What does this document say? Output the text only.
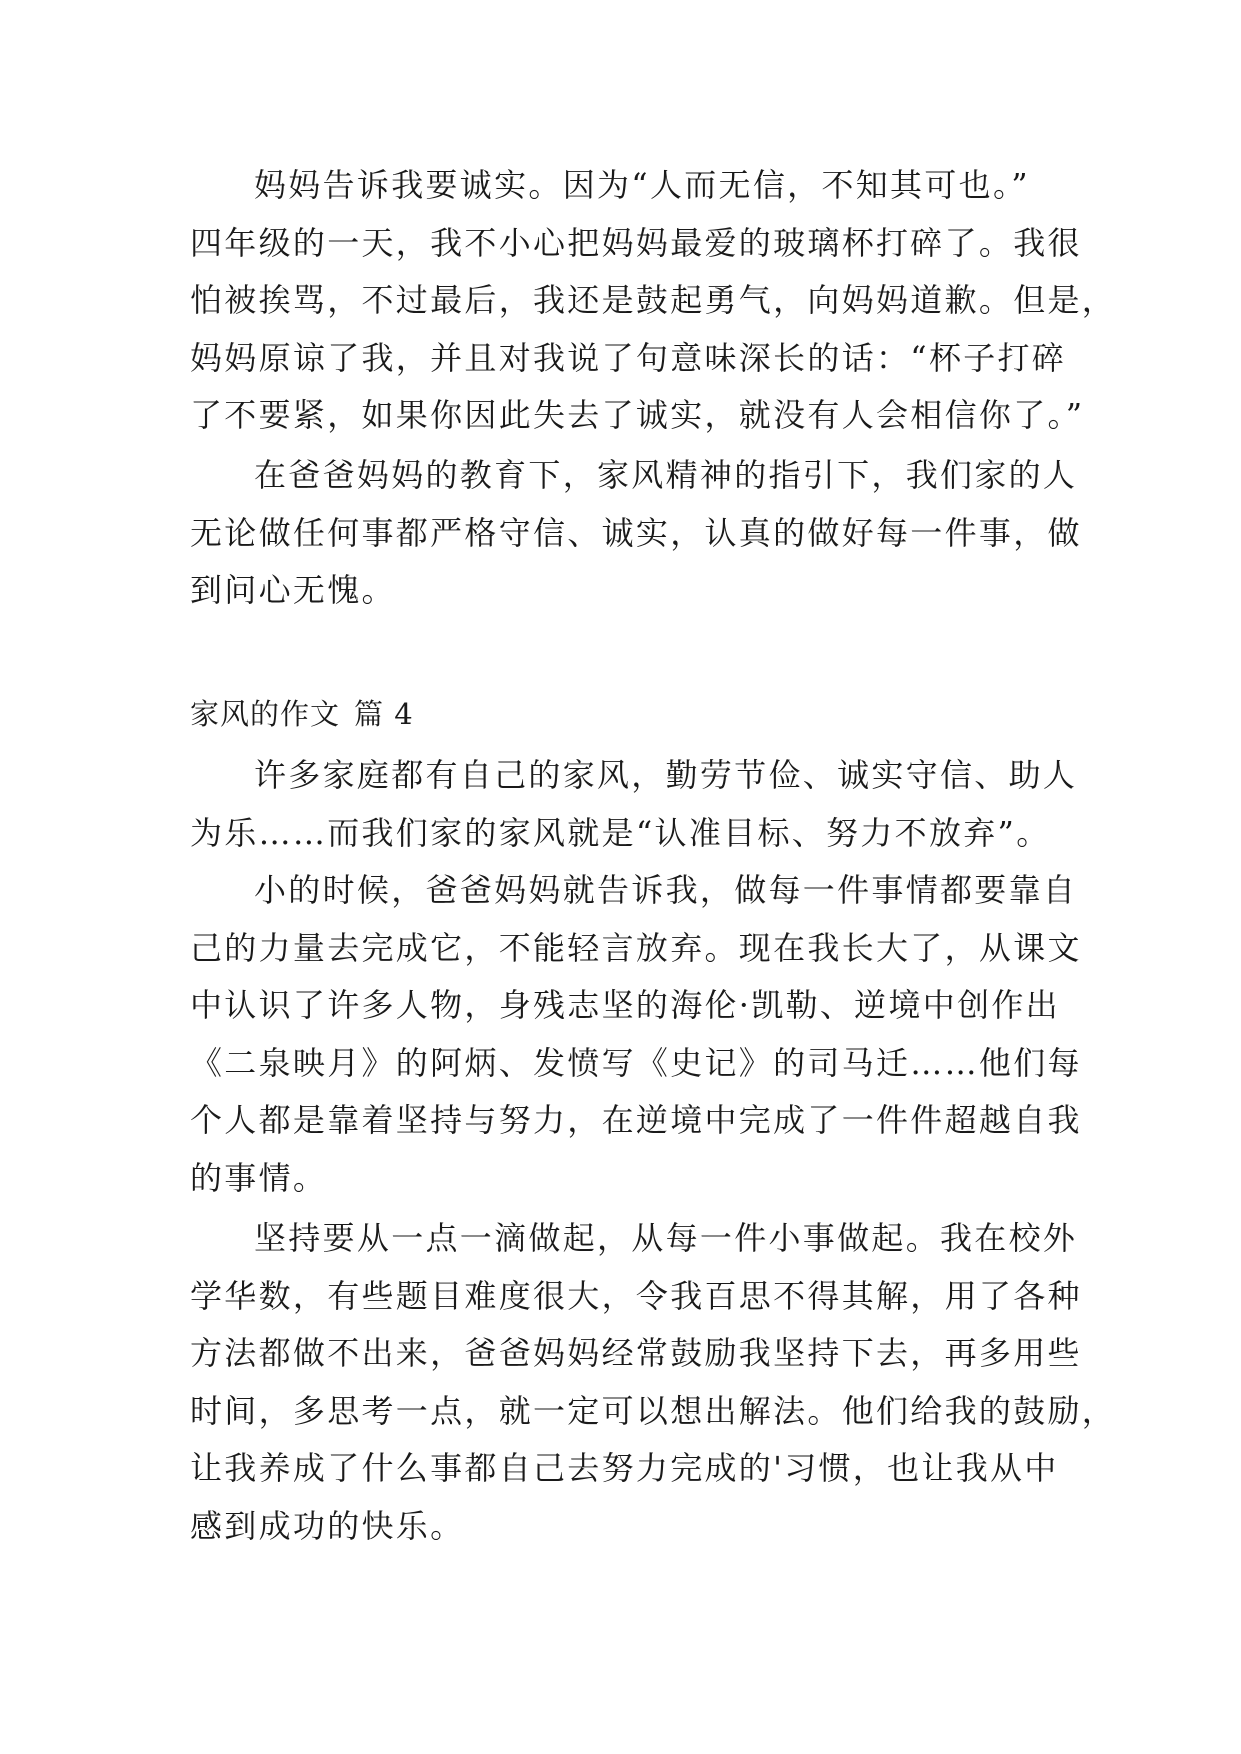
妈妈告诉我要诚实。因为“人而无信，不知其可也。”
四年级的一天，我不小心把妈妈最爱的玻璃杯打碎了。我很
怕被挨骂，不过最后，我还是鼓起勇气，向妈妈道歉。但是，
妈妈原谅了我，并且对我说了句意味深长的话：“杯子打碎
了不要紧，如果你因此失去了诚实，就没有人会相信你了。”
在爸爸妈妈的教育下，家风精神的指引下，我们家的人
无论做任何事都严格守信、诚实，认真的做好每一件事，做
到问心无愧。
家风的作文 篇 4
许多家庭都有自己的家风，勤劳节俭、诚实守信、助人
为乐……而我们家的家风就是“认准目标、努力不放弃”。
小的时候，爸爸妈妈就告诉我，做每一件事情都要靠自
己的力量去完成它，不能轻言放弃。现在我长大了，从课文
中认识了许多人物，身残志坚的海伦·凯勒、逆境中创作出
《二泉映月》的阿炳、发愤写《史记》的司马迁……他们每
个人都是靠着坚持与努力，在逆境中完成了一件件超越自我
的事情。
坚持要从一点一滴做起，从每一件小事做起。我在校外
学华数，有些题目难度很大，令我百思不得其解，用了各种
方法都做不出来，爸爸妈妈经常鼓励我坚持下去，再多用些
时间，多思考一点，就一定可以想出解法。他们给我的鼓励，
让我养成了什么事都自己去努力完成的'习惯，也让我从中
感到成功的快乐。
